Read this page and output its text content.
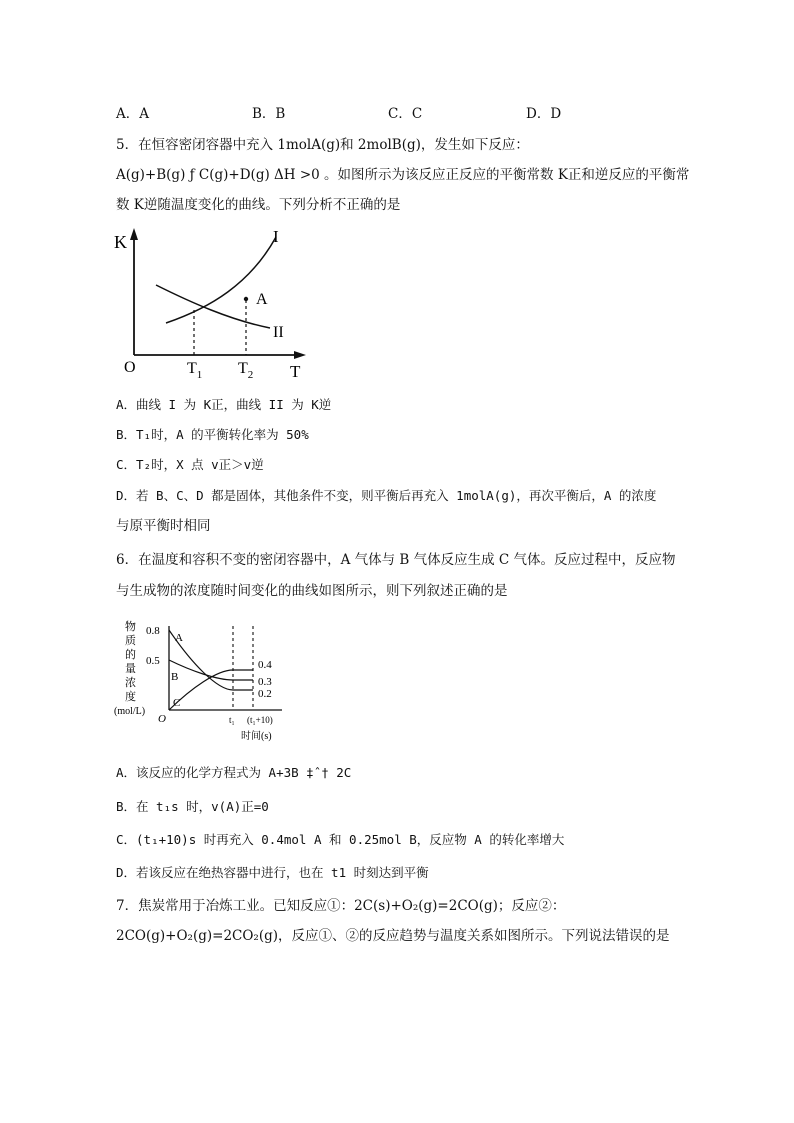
A．A	B．B	C．C	D．D
5．在恒容密闭容器中充入 1molA(g)和 2molB(g)，发生如下反应：
A(g)+B(g) ƒ C(g)+D(g) ΔH >0 。如图所示为该反应正反应的平衡常数 K正和逆反应的平衡常
数 K逆随温度变化的曲线。下列分析不正确的是
K
O	T
I
II
A
$T_1$ $T_2$
A．曲线 I 为 K正，曲线 II 为 K逆
B．T₁时，A 的平衡转化率为 50%
C．T₂时，X 点 v正＞v逆
D．若 B、C、D 都是固体，其他条件不变，则平衡后再充入 1molA(g)，再次平衡后，A 的浓度
与原平衡时相同
6．在温度和容积不变的密闭容器中，A 气体与 B 气体反应生成 C 气体。反应过程中，反应物
与生成物的浓度随时间变化的曲线如图所示，则下列叙述正确的是
物
质
的
量
浓
度
(mol/L)
0.8
0.5
A
B
C
0.4
0.3
0.2
O	t₁ (t₁+10)
时间(s)
A．该反应的化学方程式为 A+3B ‡ˆ† 2C
B．在 t₁s 时，v(A)正=0
C．(t₁+10)s 时再充入 0.4mol A 和 0.25mol B，反应物 A 的转化率增大
D．若该反应在绝热容器中进行，也在 t1 时刻达到平衡
7．焦炭常用于冶炼工业。已知反应①：2C(s)+O₂(g)=2CO(g)；反应②：
2CO(g)+O₂(g)=2CO₂(g)，反应①、②的反应趋势与温度关系如图所示。下列说法错误的是
